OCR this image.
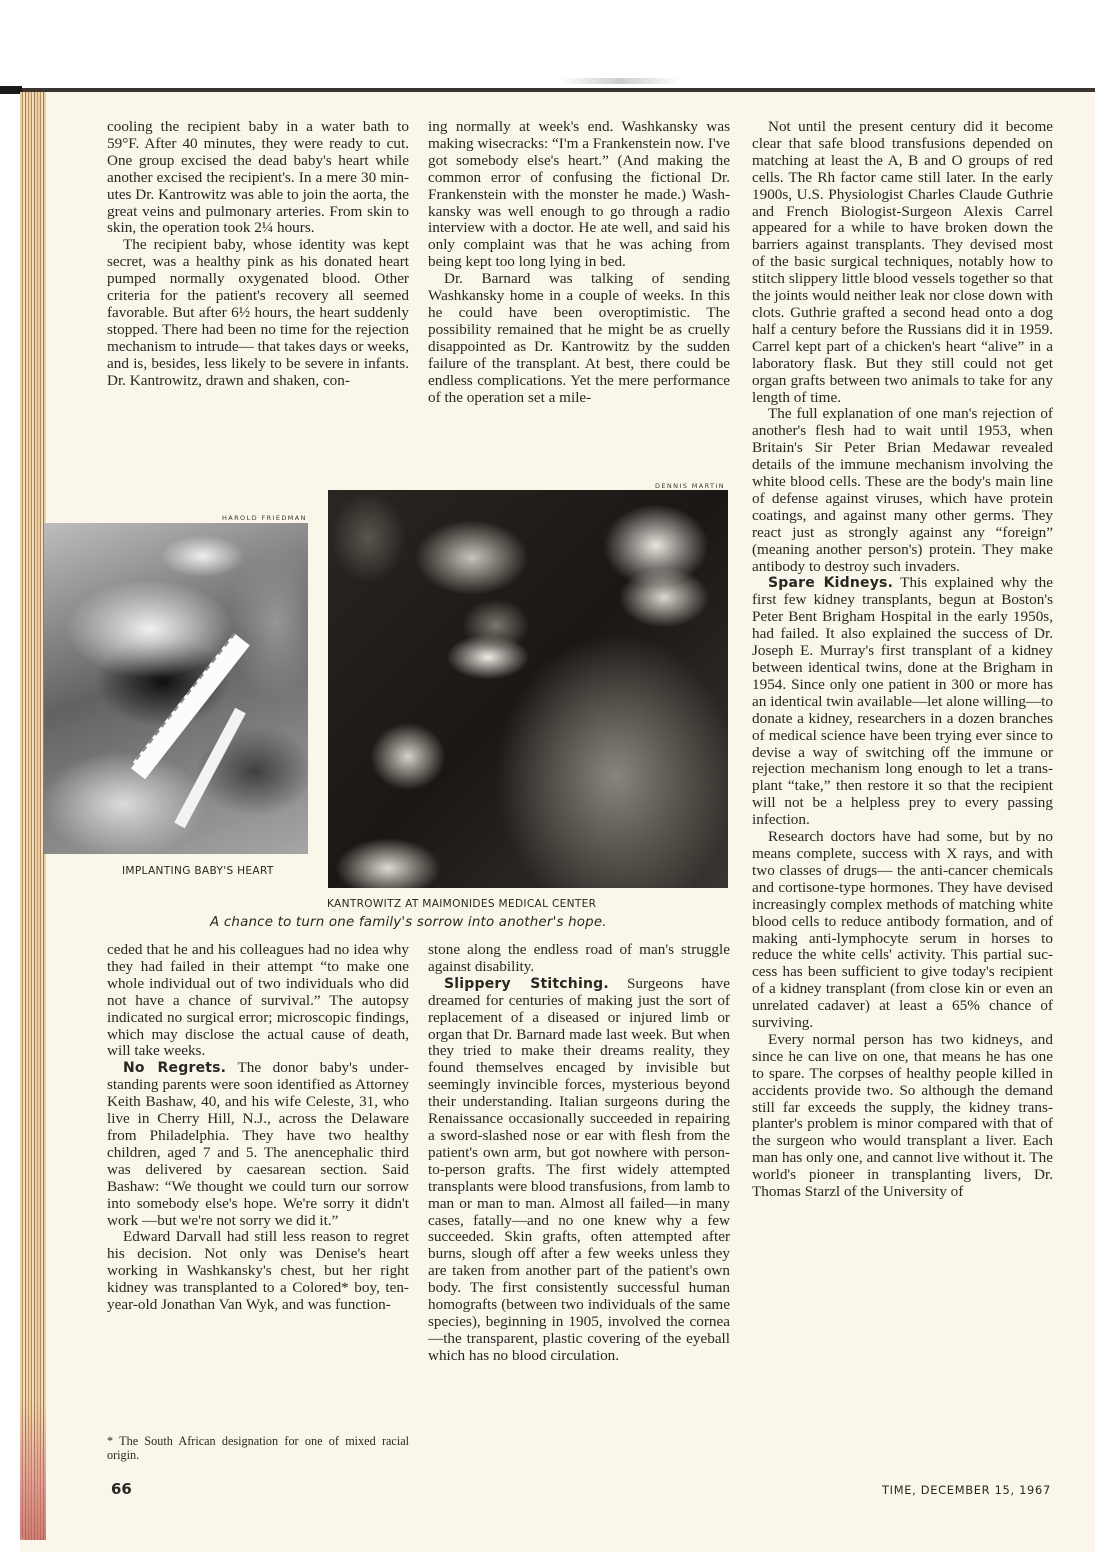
cooling the recipient baby in a water bath to 59°F. After 40 minutes, they were ready to cut. One group excised the dead baby's heart while another excised the recipient's. In a mere 30 minutes Dr. Kantrowitz was able to join the aorta, the great veins and pulmonary arteries. From skin to skin, the operation took 2¼ hours.

The recipient baby, whose identity was kept secret, was a healthy pink as his donated heart pumped normally oxygenated blood. Other criteria for the patient's recovery all seemed favorable. But after 6½ hours, the heart suddenly stopped. There had been no time for the rejection mechanism to intrude— that takes days or weeks, and is, besides, less likely to be severe in infants. Dr. Kantrowitz, drawn and shaken, con-

ing normally at week's end. Washkansky was making wisecracks: “I'm a Frankenstein now. I've got somebody else's heart.” (And making the common error of confusing the fictional Dr. Frankenstein with the monster he made.) Washkansky was well enough to go through a radio interview with a doctor. He ate well, and said his only complaint was that he was aching from being kept too long lying in bed.

Dr. Barnard was talking of sending Washkansky home in a couple of weeks. In this he could have been overoptimistic. The possibility remained that he might be as cruelly disappointed as Dr. Kantrowitz by the sudden failure of the transplant. At best, there could be endless complications. Yet the mere performance of the operation set a mile-

Not until the present century did it become clear that safe blood transfusions depended on matching at least the A, B and O groups of red cells. The Rh factor came still later. In the early 1900s, U.S. Physiologist Charles Claude Guthrie and French Biologist-Surgeon Alexis Carrel appeared for a while to have broken down the barriers against transplants. They devised most of the basic surgical techniques, notably how to stitch slippery little blood vessels together so that the joints would neither leak nor close down with clots. Guthrie grafted a second head onto a dog half a century before the Russians did it in 1959. Carrel kept part of a chicken's heart “alive” in a laboratory flask. But they still could not get organ grafts between two animals to take for any length of time.

The full explanation of one man's rejection of another's flesh had to wait until 1953, when Britain's Sir Peter Brian Medawar revealed details of the immune mechanism involving the white blood cells. These are the body's main line of defense against viruses, which have protein coatings, and against many other germs. They react just as strongly against any “foreign” (meaning another person's) protein. They make antibody to destroy such invaders.

Spare Kidneys. This explained why the first few kidney transplants, begun at Boston's Peter Bent Brigham Hospital in the early 1950s, had failed. It also explained the success of Dr. Joseph E. Murray's first transplant of a kidney between identical twins, done at the Brigham in 1954. Since only one patient in 300 or more has an identical twin available—let alone willing—to donate a kidney, researchers in a dozen branches of medical science have been trying ever since to devise a way of switching off the immune or rejection mechanism long enough to let a transplant “take,” then restore it so that the recipient will not be a helpless prey to every passing infection.

Research doctors have had some, but by no means complete, success with X rays, and with two classes of drugs— the anti-cancer chemicals and cortisone-type hormones. They have devised increasingly complex methods of matching white blood cells to reduce antibody formation, and of making anti-lymphocyte serum in horses to reduce the white cells' activity. This partial success has been sufficient to give today's recipient of a kidney transplant (from close kin or even an unrelated cadaver) at least a 65% chance of surviving.

Every normal person has two kidneys, and since he can live on one, that means he has one to spare. The corpses of healthy people killed in accidents provide two. So although the demand still far exceeds the supply, the kidney transplanter's problem is minor compared with that of the surgeon who would transplant a liver. Each man has only one, and cannot live without it. The world's pioneer in transplanting livers, Dr. Thomas Starzl of the University of

ceded that he and his colleagues had no idea why they had failed in their attempt “to make one whole individual out of two individuals who did not have a chance of survival.” The autopsy indicated no surgical error; microscopic findings, which may disclose the actual cause of death, will take weeks.

No Regrets. The donor baby's understanding parents were soon identified as Attorney Keith Bashaw, 40, and his wife Celeste, 31, who live in Cherry Hill, N.J., across the Delaware from Philadelphia. They have two healthy children, aged 7 and 5. The anencephalic third was delivered by caesarean section. Said Bashaw: “We thought we could turn our sorrow into somebody else's hope. We're sorry it didn't work —but we're not sorry we did it.”

Edward Darvall had still less reason to regret his decision. Not only was Denise's heart working in Washkansky's chest, but her right kidney was transplanted to a Colored* boy, ten-year-old Jonathan Van Wyk, and was function-

stone along the endless road of man's struggle against disability.

Slippery Stitching. Surgeons have dreamed for centuries of making just the sort of replacement of a diseased or injured limb or organ that Dr. Barnard made last week. But when they tried to make their dreams reality, they found themselves encaged by invisible but seemingly invincible forces, mysterious beyond their understanding. Italian surgeons during the Renaissance occasionally succeeded in repairing a sword-slashed nose or ear with flesh from the patient's own arm, but got nowhere with person-to-person grafts. The first widely attempted transplants were blood transfusions, from lamb to man or man to man. Almost all failed—in many cases, fatally—and no one knew why a few succeeded. Skin grafts, often attempted after burns, slough off after a few weeks unless they are taken from another part of the patient's own body. The first consistently successful human homografts (between two individuals of the same species), beginning in 1905, involved the cornea—the transparent, plastic covering of the eyeball which has no blood circulation.

HAROLD FRIEDMAN
IMPLANTING BABY'S HEART
DENNIS MARTIN
KANTROWITZ AT MAIMONIDES MEDICAL CENTER
A chance to turn one family's sorrow into another's hope.
* The South African designation for one of mixed racial origin.
66	TIME, DECEMBER 15, 1967
